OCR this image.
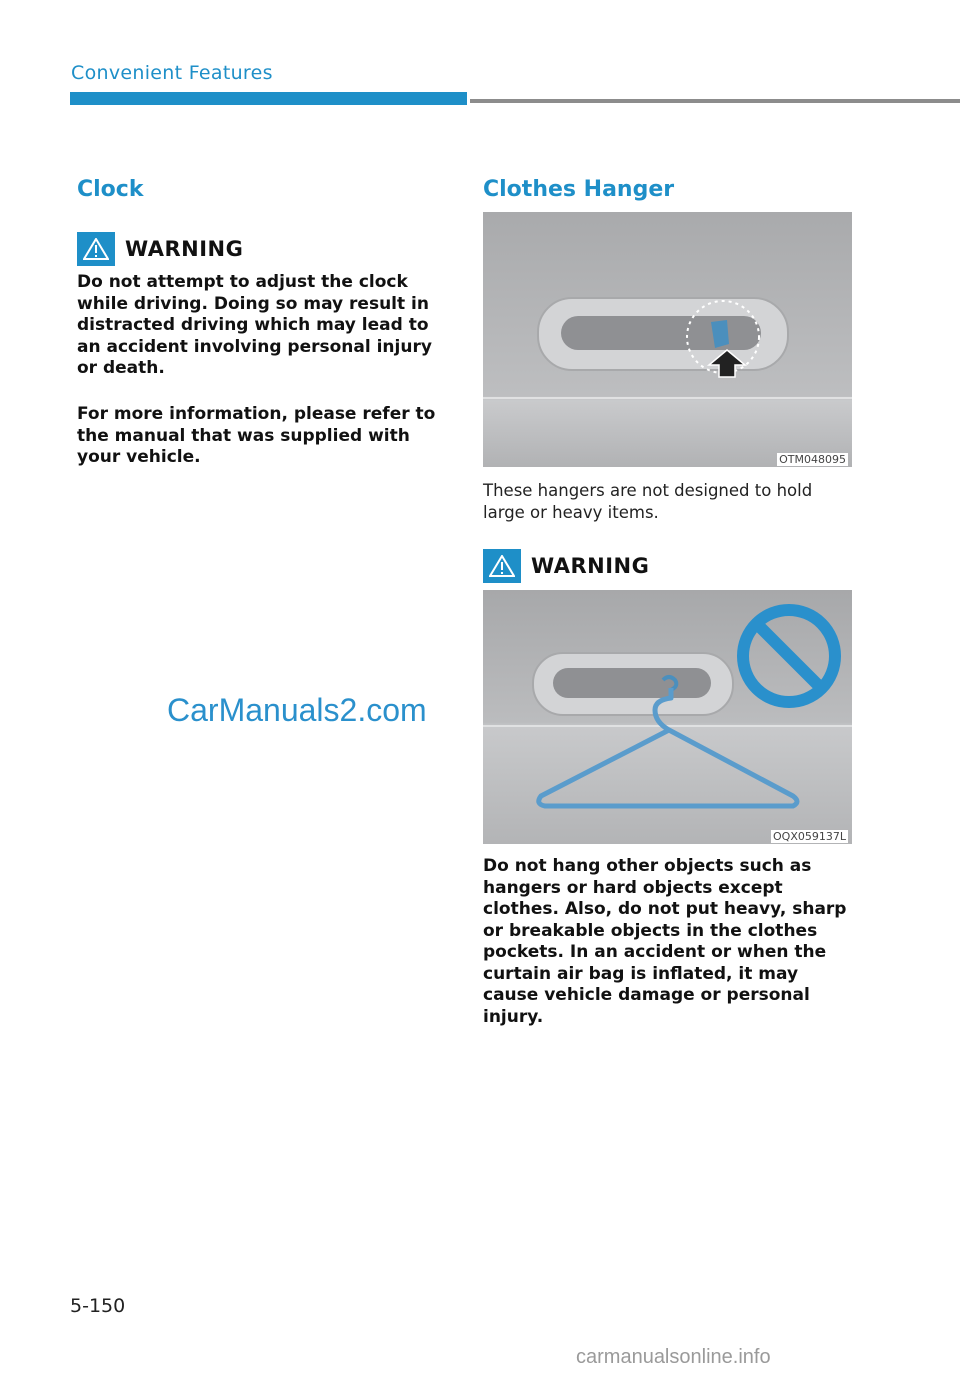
Convenient Features
Clock
WARNING
Do not attempt to adjust the clock while driving. Doing so may result in distracted driving which may lead to an accident involving personal injury or death.
For more information, please refer to the manual that was supplied with your vehicle.
CarManuals2.com
Clothes Hanger
OTM048095
These hangers are not designed to hold large or heavy items.
WARNING
OQX059137L
Do not hang other objects such as hangers or hard objects except clothes. Also, do not put heavy, sharp or breakable objects in the clothes pockets. In an accident or when the curtain air bag is inflated, it may cause vehicle damage or personal injury.
5-150
carmanualsonline.info
